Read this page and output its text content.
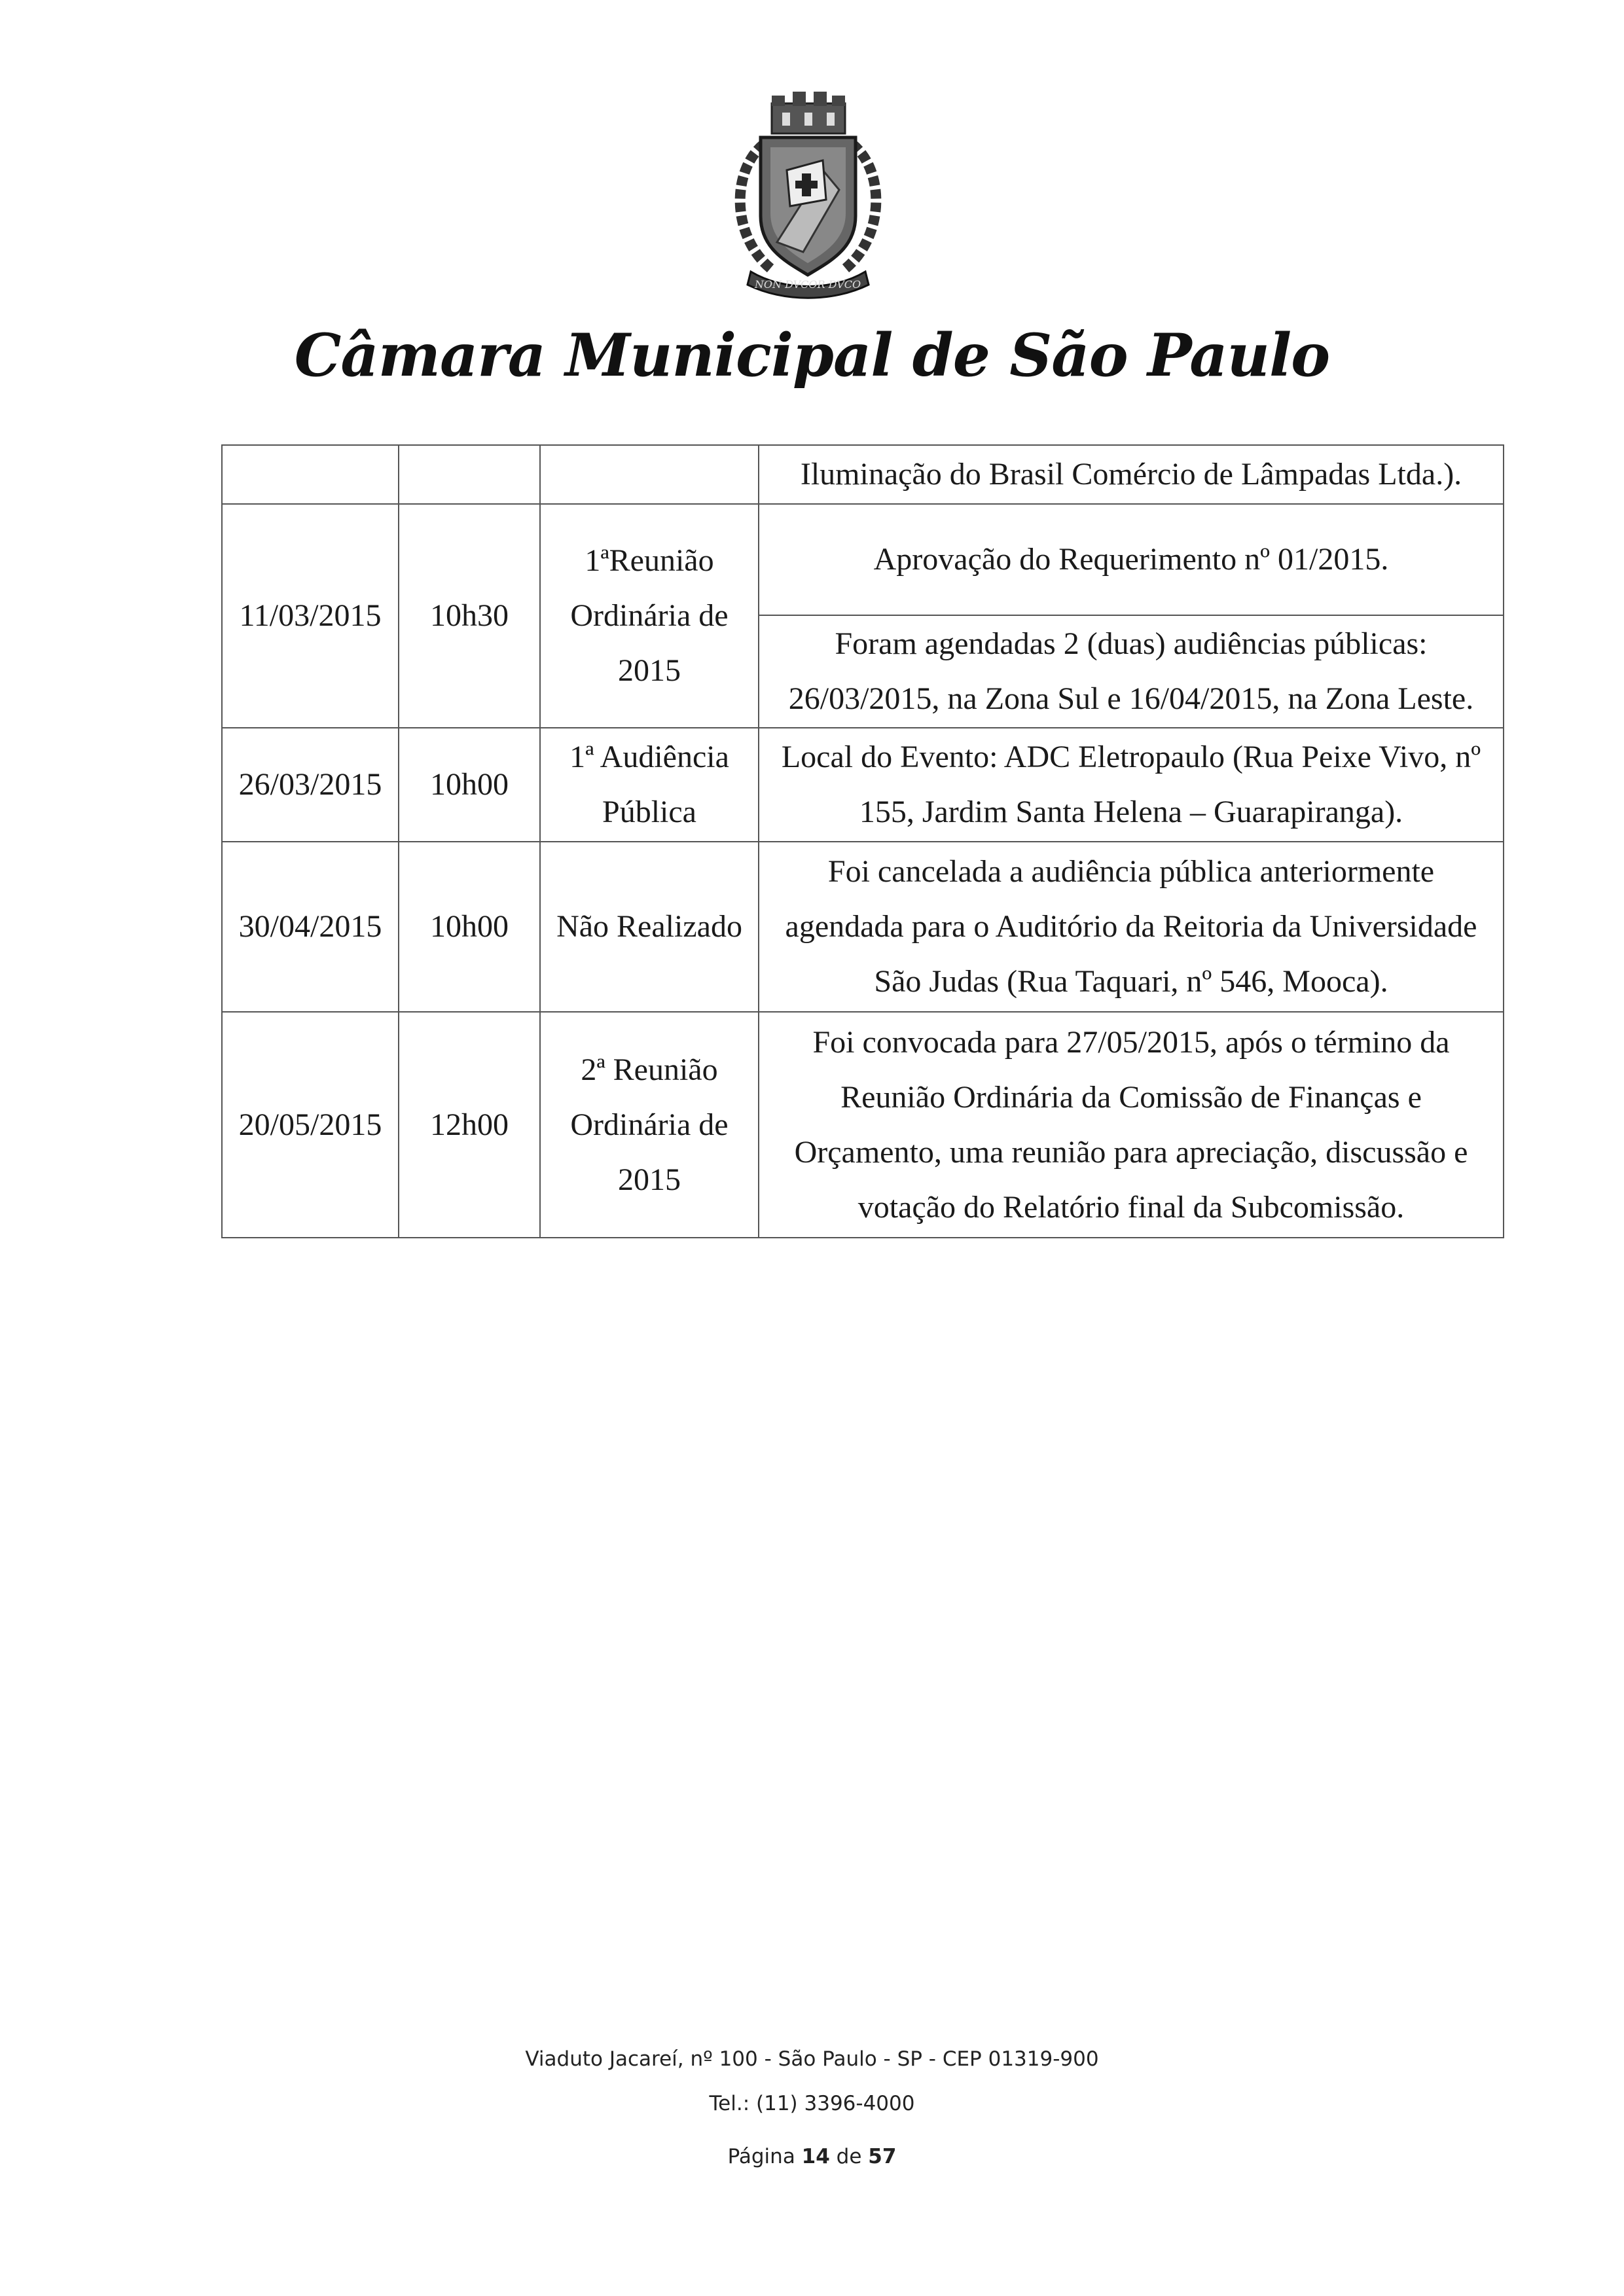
NON DVCOR DVCO
Câmara Municipal de São Paulo
			Iluminação do Brasil Comércio de Lâmpadas Ltda.).
11/03/2015	10h30	1ªReunião Ordinária de 2015	Aprovação do Requerimento nº 01/2015.
			Foram agendadas 2 (duas) audiências públicas: 26/03/2015, na Zona Sul e 16/04/2015, na Zona Leste.
26/03/2015	10h00	1ª Audiência Pública	Local do Evento: ADC Eletropaulo (Rua Peixe Vivo, nº 155, Jardim Santa Helena – Guarapiranga).
30/04/2015	10h00	Não Realizado	Foi cancelada a audiência pública anteriormente agendada para o Auditório da Reitoria da Universidade São Judas (Rua Taquari, nº 546, Mooca).
20/05/2015	12h00	2ª Reunião Ordinária de 2015	Foi convocada para 27/05/2015, após o término da Reunião Ordinária da Comissão de Finanças e Orçamento, uma reunião para apreciação, discussão e votação do Relatório final da Subcomissão.
Viaduto Jacareí, nº 100 - São Paulo - SP - CEP 01319-900
Tel.: (11) 3396-4000
Página 14 de 57
